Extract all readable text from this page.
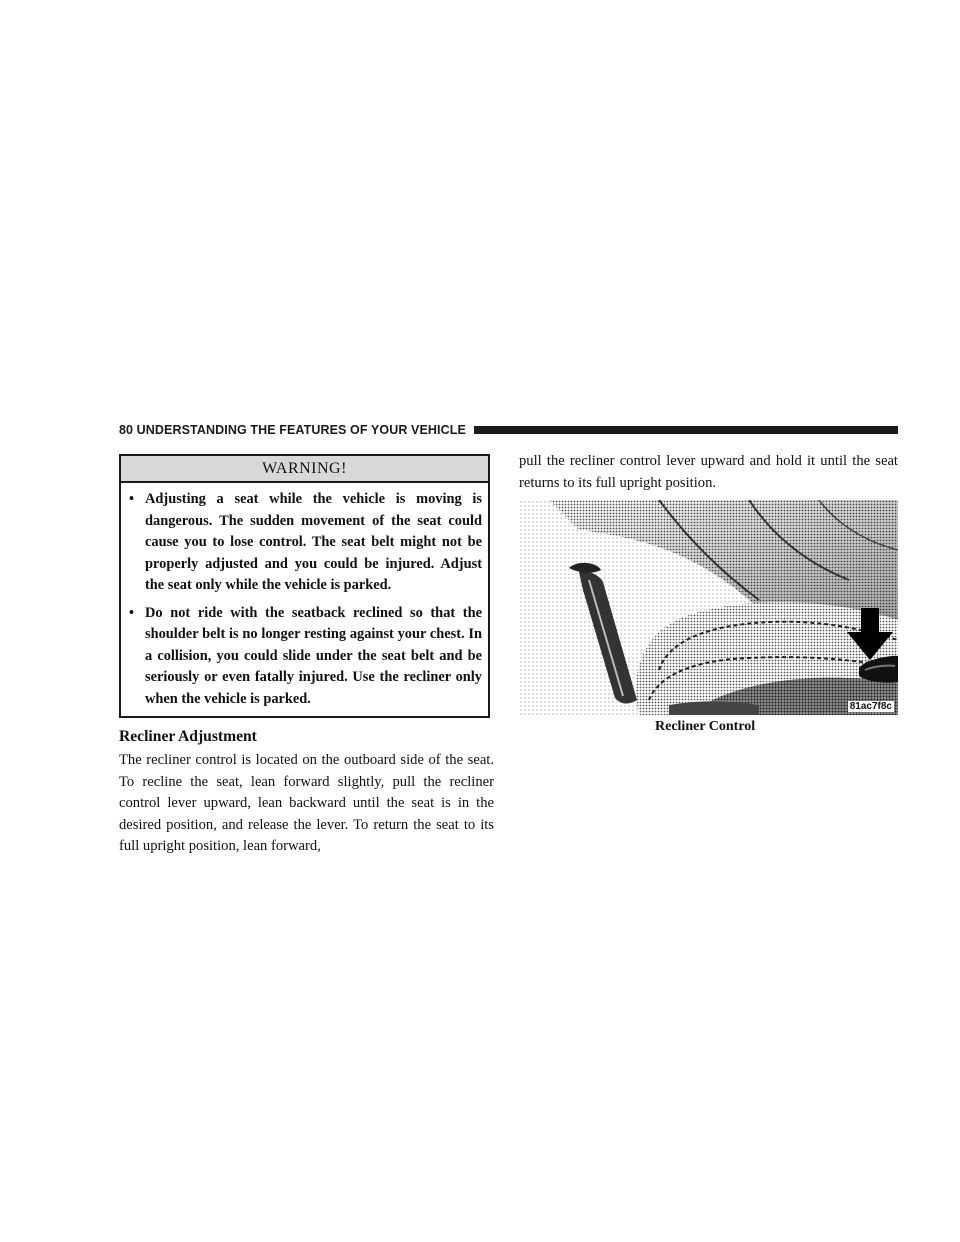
80 UNDERSTANDING THE FEATURES OF YOUR VEHICLE
WARNING!
• Adjusting a seat while the vehicle is moving is dangerous. The sudden movement of the seat could cause you to lose control. The seat belt might not be properly adjusted and you could be injured. Adjust the seat only while the vehicle is parked.
• Do not ride with the seatback reclined so that the shoulder belt is no longer resting against your chest. In a collision, you could slide under the seat belt and be seriously or even fatally injured. Use the recliner only when the vehicle is parked.
Recliner Adjustment

The recliner control is located on the outboard side of the seat. To recline the seat, lean forward slightly, pull the recliner control lever upward, lean backward until the seat is in the desired position, and release the lever. To return the seat to its full upright position, lean forward,

pull the recliner control lever upward and hold it until the seat returns to its full upright position.

81ac7f8c
Recliner Control
